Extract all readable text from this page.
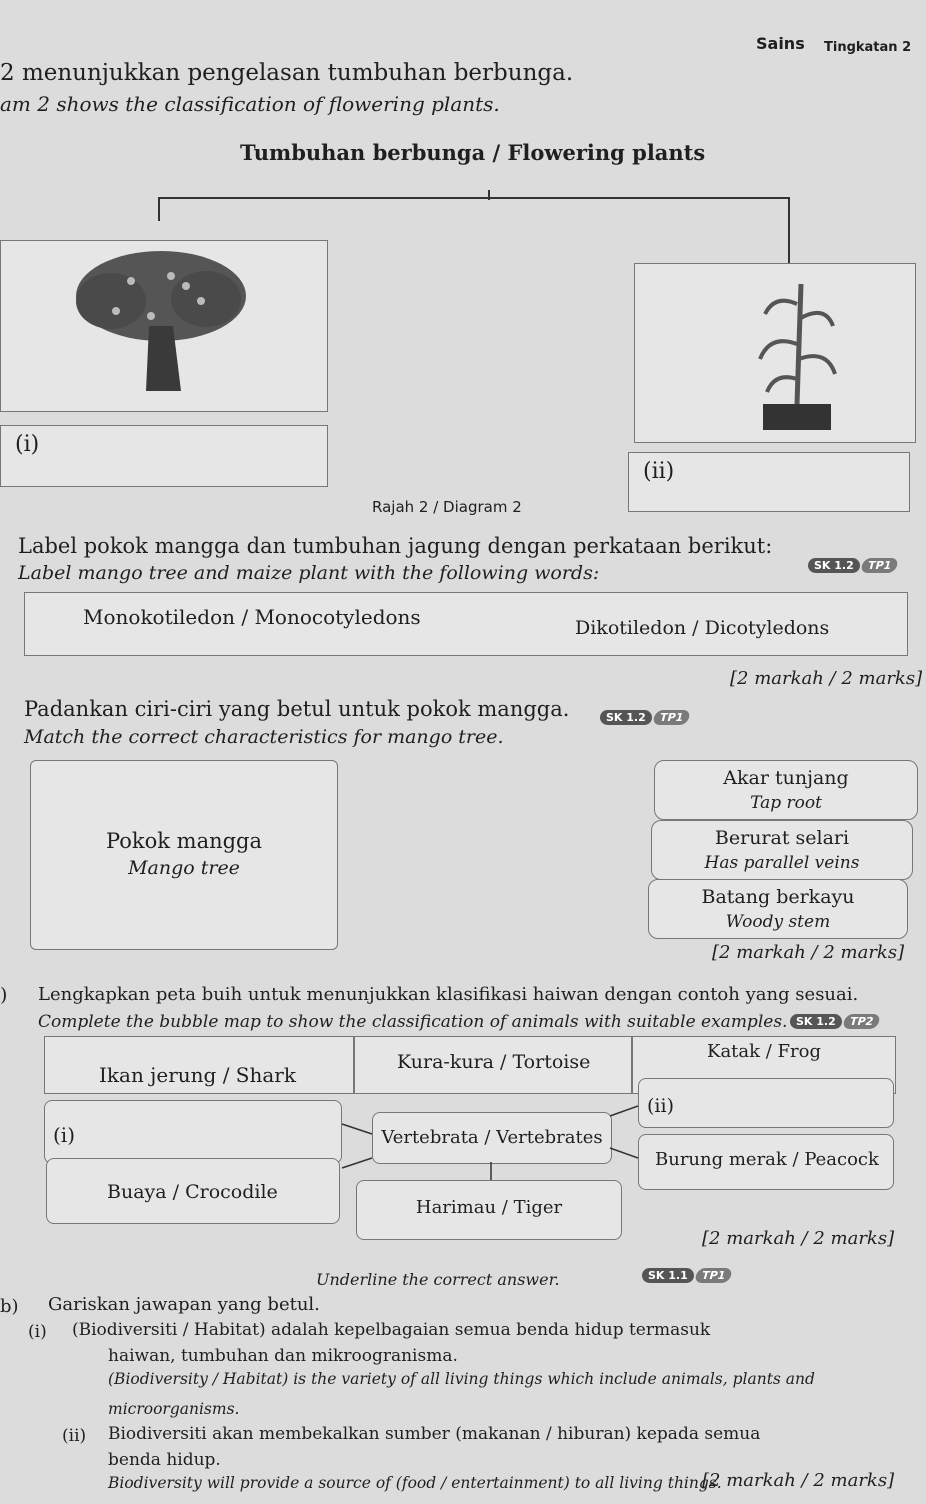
Sains Tingkatan 2
2 menunjukkan pengelasan tumbuhan berbunga.
am 2 shows the classification of flowering plants.
Tumbuhan berbunga / Flowering plants
(i)
(ii)
Rajah 2 / Diagram 2
Label pokok mangga dan tumbuhan jagung dengan perkataan berikut:
SK 1.2 TP1
Label mango tree and maize plant with the following words:
Monokotiledon / Monocotyledons	Dikotiledon / Dicotyledons
[2 markah / 2 marks]
Padankan ciri-ciri yang betul untuk pokok mangga.	SK 1.2 TP1
Match the correct characteristics for mango tree.
Pokok mangga
Mango tree
Akar tunjang
Tap root
Berurat selari
Has parallel veins
Batang berkayu
Woody stem
[2 markah / 2 marks]
) Lengkapkan peta buih untuk menunjukkan klasifikasi haiwan dengan contoh yang sesuai.
Complete the bubble map to show the classification of animals with suitable examples. SK 1.2 TP2
Ikan jerung / Shark
Kura-kura / Tortoise	Katak / Frog
(i)
(ii)
Vertebrata / Vertebrates
Buaya / Crocodile
Burung merak / Peacock
Harimau / Tiger
[2 markah / 2 marks]
b) Gariskan jawapan yang betul.
Underline the correct answer.	SK 1.1 TP1
(i) (Biodiversiti / Habitat) adalah kepelbagaian semua benda hidup termasuk
haiwan, tumbuhan dan mikroogranisma.
(Biodiversity / Habitat) is the variety of all living things which include animals, plants and
microorganisms.
(ii) Biodiversiti akan membekalkan sumber (makanan / hiburan) kepada semua
benda hidup.
Biodiversity will provide a source of (food / entertainment) to all living things.
[2 markah / 2 marks]
